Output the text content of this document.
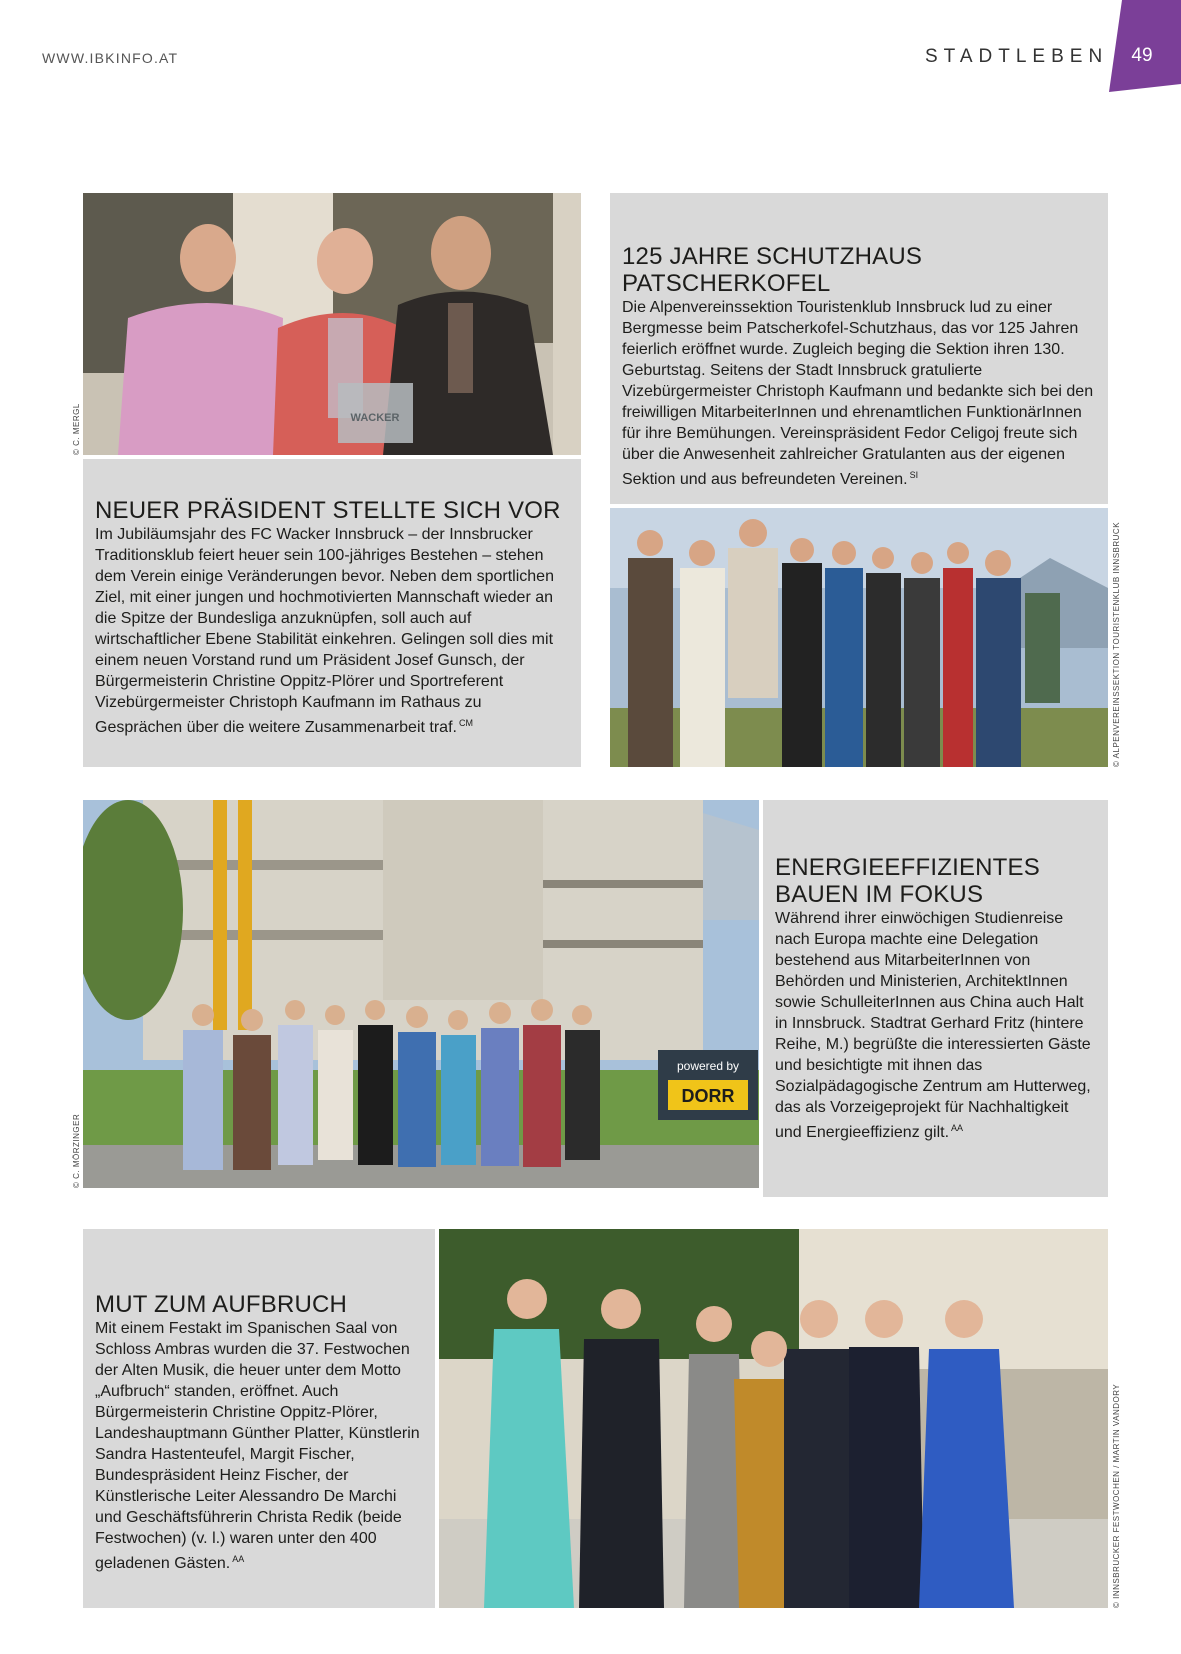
WWW.IBKINFO.AT	STADTLEBEN	49
WACKER
© C. MERGL
NEUER PRÄSIDENT STELLTE SICH VOR

Im Jubiläumsjahr des FC Wacker Innsbruck – der Innsbrucker Traditionsklub feiert heuer sein 100-jähriges Bestehen – stehen dem Verein einige Veränderungen bevor. Neben dem sportlichen Ziel, mit einer jungen und hochmotivierten Mannschaft wieder an die Spitze der Bundesliga anzuknüpfen, soll auch auf wirtschaftlicher Ebene Stabilität einkehren. Gelingen soll dies mit einem neuen Vorstand rund um Präsident Josef Gunsch, der Bürgermeisterin Christine Oppitz-Plörer und Sportreferent Vizebürgermeister Christoph Kaufmann im Rathaus zu Gesprächen über die weitere Zusammenarbeit traf. $^{CM}$

125 JAHRE SCHUTZHAUS PATSCHERKOFEL

Die Alpenvereinssektion Touristenklub Innsbruck lud zu einer Bergmesse beim Patscherkofel-Schutzhaus, das vor 125 Jahren feierlich eröffnet wurde. Zugleich beging die Sektion ihren 130. Geburtstag. Seitens der Stadt Innsbruck gratulierte Vizebürgermeister Christoph Kaufmann und bedankte sich bei den freiwilligen MitarbeiterInnen und ehrenamtlichen FunktionärInnen für ihre Bemühungen. Vereinspräsident Fedor Celigoj freute sich über die Anwesenheit zahlreicher Gratulanten aus der eigenen Sektion und aus befreundeten Vereinen. $^{SI}$

© ALPENVEREINSSEKTION TOURISTENKLUB INNSBRUCK
powered by
DORR
© C. MÖRZINGER
ENERGIEEFFIZIENTES BAUEN IM FOKUS

Während ihrer einwöchigen Studienreise nach Europa machte eine Delegation bestehend aus MitarbeiterInnen von Behörden und Ministerien, ArchitektInnen sowie SchulleiterInnen aus China auch Halt in Innsbruck. Stadtrat Gerhard Fritz (hintere Reihe, M.) begrüßte die interessierten Gäste und besichtigte mit ihnen das Sozialpädagogische Zentrum am Hutterweg, das als Vorzeigeprojekt für Nachhaltigkeit und Energieeffizienz gilt. $^{AA}$

MUT ZUM AUFBRUCH

Mit einem Festakt im Spanischen Saal von Schloss Ambras wurden die 37. Festwochen der Alten Musik, die heuer unter dem Motto „Aufbruch“ standen, eröffnet. Auch Bürgermeisterin Christine Oppitz-Plörer, Landeshauptmann Günther Platter, Künstlerin Sandra Hastenteufel, Margit Fischer, Bundespräsident Heinz Fischer, der Künstlerische Leiter Alessandro De Marchi und Geschäftsführerin Christa Redik (beide Festwochen) (v. l.) waren unter den 400 geladenen Gästen. $^{AA}$	© INNSBRUCKER FESTWOCHEN / MARTIN VANDORY
